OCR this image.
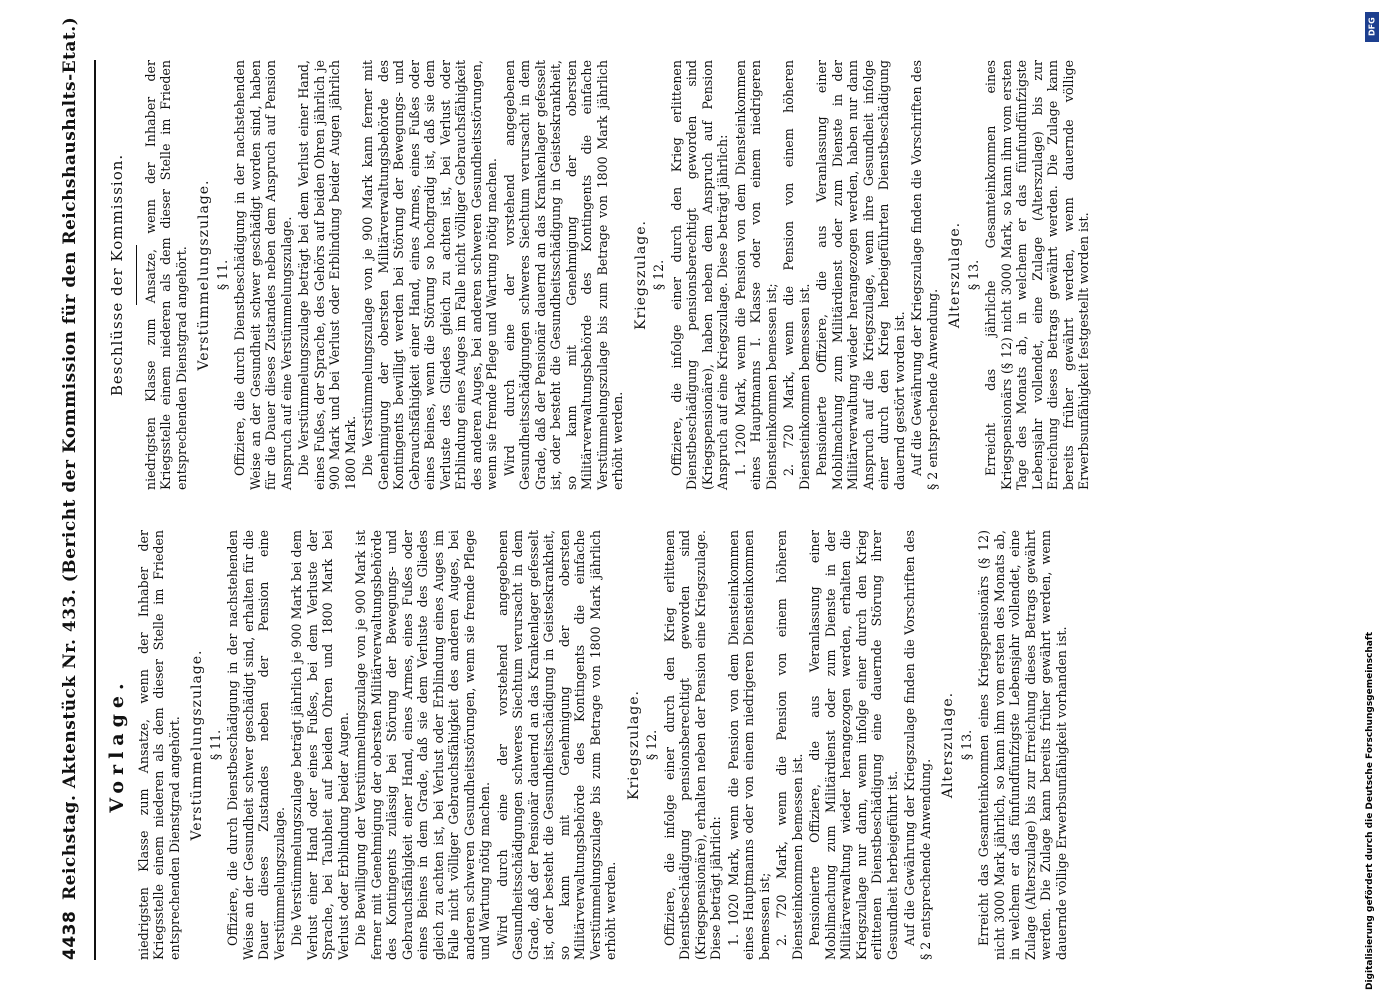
4438
Reichstag. Aktenstück Nr. 433. (Bericht der Kommission für den Reichshaushalts-Etat.) Vorlage. niedrigsten Klasse zum Ansatze, wenn der Inhaber der Kriegsstelle einem niederen als dem dieser Stelle im Frieden entsprechenden Dienstgrad angehört. Verstümmelungszulage. § 11. Offiziere, die durch Dienstbeschädigung in der nachstehenden Weise an der Gesundheit schwer geschädigt sind, erhalten für die Dauer dieses Zustandes neben der Pension eine Verstümmelungszulage. Die Verstümmelungszulage beträgt jährlich je 900 Mark bei dem Verlust einer Hand oder eines Fußes, bei dem Verluste der Sprache, bei Taubheit auf beiden Ohren und 1800 Mark bei Verlust oder Erblindung beider Augen. Die Bewilligung der Verstümmelungszulage von je 900 Mark ist ferner mit Genehmigung der obersten Militärverwaltungsbehörde des Kontingents zulässig bei Störung der Bewegungs- und Gebrauchsfähigkeit einer Hand, eines Armes, eines Fußes oder eines Beines in dem Grade, daß sie dem Verluste des Gliedes gleich zu achten ist, bei Verlust oder Erblindung eines Auges im Falle nicht völliger Gebrauchsfähigkeit des anderen Auges, bei anderen schweren Gesundheitsstörungen, wenn sie fremde Pflege und Wartung nötig machen. Wird durch eine der vorstehend angegebenen Gesundheitsschädigungen schweres Siechtum verursacht in dem Grade, daß der Pensionär dauernd an das Krankenlager gefesselt ist, oder besteht die Gesundheitsschädigung in Geisteskrankheit, so kann mit Genehmigung der obersten Militärverwaltungsbehörde des Kontingents die einfache Verstümmelungszulage bis zum Betrage von 1800 Mark jährlich erhöht werden.

Kriegszulage. § 12. Offiziere, die infolge einer durch den Krieg erlittenen Dienstbeschädigung pensionsberechtigt geworden sind (Kriegspensionäre), erhalten neben der Pension eine Kriegszulage. Diese beträgt jährlich: 1. 1020 Mark, wenn die Pension von dem Diensteinkommen eines Hauptmanns oder von einem niedrigeren Diensteinkommen bemessen ist; 2. 720 Mark, wenn die Pension von einem höheren Diensteinkommen bemessen ist. Pensionierte Offiziere, die aus Veranlassung einer Mobilmachung zum Militärdienst oder zum Dienste in der Militärverwaltung wieder herangezogen werden, erhalten die Kriegszulage nur dann, wenn infolge einer durch den Krieg erlittenen Dienstbeschädigung eine dauernde Störung ihrer Gesundheit herbeigeführt ist. Auf die Gewährung der Kriegszulage finden die Vorschriften des § 2 entsprechende Anwendung.

Alterszulage. § 13. Erreicht das Gesamteinkommen eines Kriegspensionärs (§ 12) nicht 3000 Mark jährlich, so kann ihm vom ersten des Monats ab, in welchem er das fünfundfünfzigste Lebensjahr vollendet, eine Zulage (Alterszulage) bis zur Erreichung dieses Betrags gewährt werden. Die Zulage kann bereits früher gewährt werden, wenn dauernde völlige Erwerbsunfähigkeit vorhanden ist.

Beschlüsse der Kommission. niedrigsten Klasse zum Ansatze, wenn der Inhaber der Kriegsstelle einem niederen als dem dieser Stelle im Frieden entsprechenden Dienstgrad angehört. Verstümmelungszulage. § 11. Offiziere, die durch Dienstbeschädigung in der nachstehenden Weise an der Gesundheit schwer geschädigt worden sind, haben für die Dauer dieses Zustandes neben dem Anspruch auf Pension Anspruch auf eine Verstümmelungszulage. Die Verstümmelungszulage beträgt bei dem Verlust einer Hand, eines Fußes, der Sprache, des Gehörs auf beiden Ohren jährlich je 900 Mark und bei Verlust oder Erblindung beider Augen jährlich 1800 Mark. Die Verstümmelungszulage von je 900 Mark kann ferner mit Genehmigung der obersten Militärverwaltungsbehörde des Kontingents bewilligt werden bei Störung der Bewegungs- und Gebrauchsfähigkeit einer Hand, eines Armes, eines Fußes oder eines Beines, wenn die Störung so hochgradig ist, daß sie dem Verluste des Gliedes gleich zu achten ist, bei Verlust oder Erblindung eines Auges im Falle nicht völliger Gebrauchsfähigkeit des anderen Auges, bei anderen schweren Gesundheitsstörungen, wenn sie fremde Pflege und Wartung nötig machen. Wird durch eine der vorstehend angegebenen Gesundheitsschädigungen schweres Siechtum verursacht in dem Grade, daß der Pensionär dauernd an das Krankenlager gefesselt ist, oder besteht die Gesundheitsschädigung in Geisteskrankheit, so kann mit Genehmigung der obersten Militärverwaltungsbehörde des Kontingents die einfache Verstümmelungszulage bis zum Betrage von 1800 Mark jährlich erhöht werden.

Kriegszulage. § 12. Offiziere, die infolge einer durch den Krieg erlittenen Dienstbeschädigung pensionsberechtigt geworden sind (Kriegspensionäre), haben neben dem Anspruch auf Pension Anspruch auf eine Kriegszulage. Diese beträgt jährlich: 1. 1200 Mark, wenn die Pension von dem Diensteinkommen eines Hauptmanns I. Klasse oder von einem niedrigeren Diensteinkommen bemessen ist; 2. 720 Mark, wenn die Pension von einem höheren Diensteinkommen bemessen ist. Pensionierte Offiziere, die aus Veranlassung einer Mobilmachung zum Militärdienst oder zum Dienste in der Militärverwaltung wieder herangezogen werden, haben nur dann Anspruch auf die Kriegszulage, wenn ihre Gesundheit infolge einer durch den Krieg herbeigeführten Dienstbeschädigung dauernd gestört worden ist. Auf die Gewährung der Kriegszulage finden die Vorschriften des § 2 entsprechende Anwendung.

Alterszulage. § 13. Erreicht das jährliche Gesamteinkommen eines Kriegspensionärs (§ 12) nicht 3000 Mark, so kann ihm vom ersten Tage des Monats ab, in welchem er das fünfundfünfzigste Lebensjahr vollendet, eine Zulage (Alterszulage) bis zur Erreichung dieses Betrags gewährt werden. Die Zulage kann bereits früher gewährt werden, wenn dauernde völlige Erwerbsunfähigkeit festgestellt worden ist.

DFG
Digitalisierung gefördert durch die Deutsche Forschungsgemeinschaft
